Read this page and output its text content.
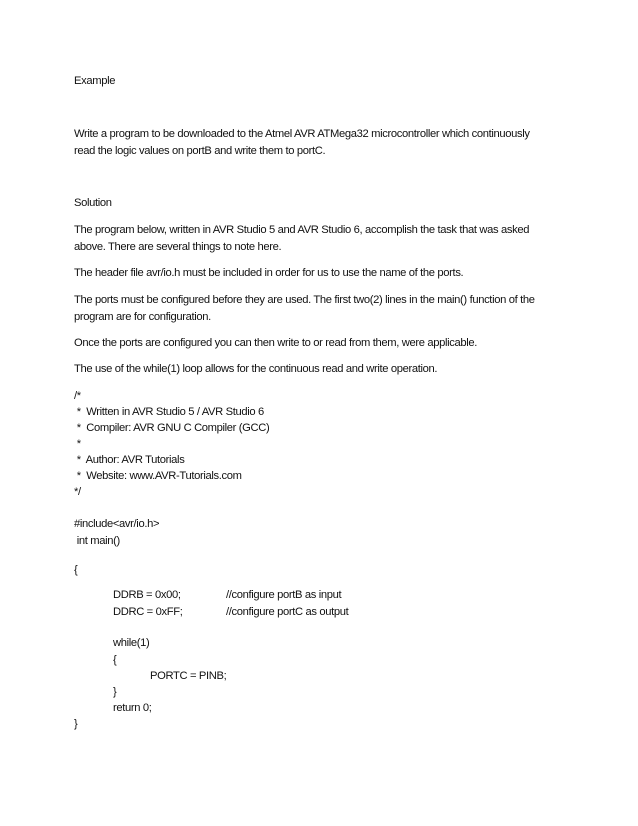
Example
Write a program to be downloaded to the Atmel AVR ATMega32 microcontroller which continuously
read the logic values on portB and write them to portC.
Solution
The program below, written in AVR Studio 5 and AVR Studio 6, accomplish the task that was asked
above. There are several things to note here.
The header file avr/io.h must be included in order for us to use the name of the ports.
The ports must be configured before they are used. The first two(2) lines in the main() function of the
program are for configuration.
Once the ports are configured you can then write to or read from them, were applicable.
The use of the while(1) loop allows for the continuous read and write operation.
/*
*  Written in AVR Studio 5 / AVR Studio 6
*  Compiler: AVR GNU C Compiler (GCC)
*
*  Author: AVR Tutorials
*  Website: www.AVR-Tutorials.com
*/
#include<avr/io.h>
int main()
{
DDRB = 0x00;	//configure portB as input
DDRC = 0xFF;	//configure portC as output
while(1)
{
PORTC = PINB;
}
return 0;
}
